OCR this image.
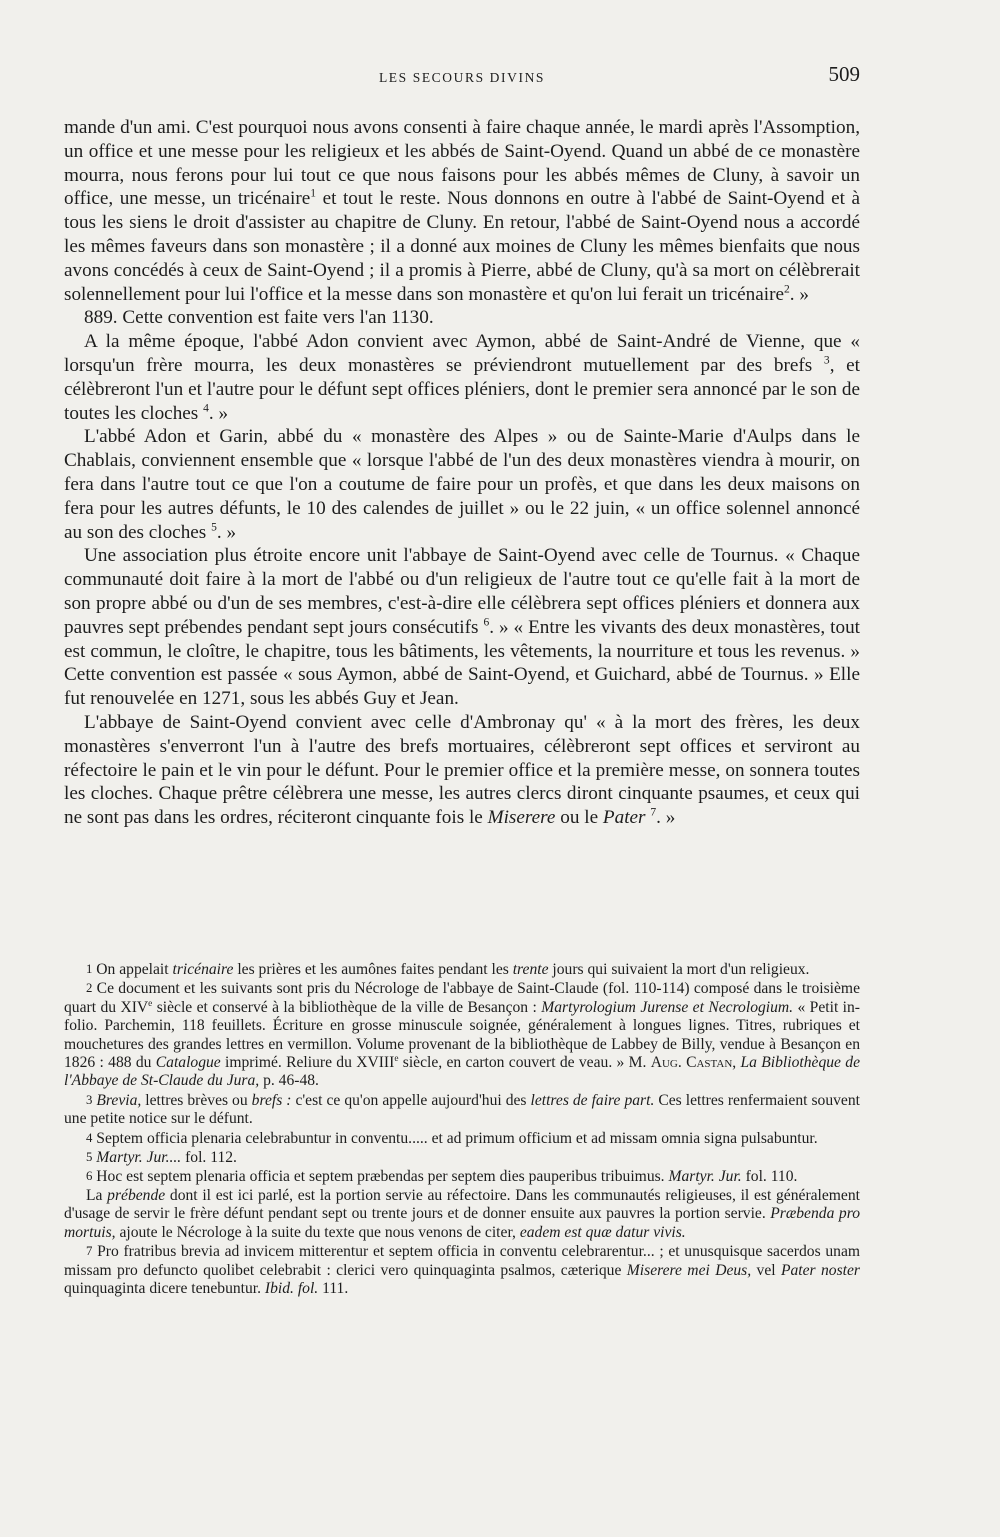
LES SECOURS DIVINS	509

mande d'un ami. C'est pourquoi nous avons consenti à faire chaque année, le mardi après l'Assomption, un office et une messe pour les religieux et les abbés de Saint-Oyend. Quand un abbé de ce monastère mourra, nous ferons pour lui tout ce que nous faisons pour les abbés mêmes de Cluny, à savoir un office, une messe, un tricénaire$^1$ et tout le reste. Nous donnons en outre à l'abbé de Saint-Oyend et à tous les siens le droit d'assister au chapitre de Cluny. En retour, l'abbé de Saint-Oyend nous a accordé les mêmes faveurs dans son monastère ; il a donné aux moines de Cluny les mêmes bienfaits que nous avons concédés à ceux de Saint-Oyend ; il a promis à Pierre, abbé de Cluny, qu'à sa mort on célèbrerait solennellement pour lui l'office et la messe dans son monastère et qu'on lui ferait un tricénaire$^2$. »

889. Cette convention est faite vers l'an 1130.

A la même époque, l'abbé Adon convient avec Aymon, abbé de Saint-André de Vienne, que « lorsqu'un frère mourra, les deux monastères se préviendront mutuellement par des brefs $^3$, et célèbreront l'un et l'autre pour le défunt sept offices pléniers, dont le premier sera annoncé par le son de toutes les cloches $^4$. »

L'abbé Adon et Garin, abbé du « monastère des Alpes » ou de Sainte-Marie d'Aulps dans le Chablais, conviennent ensemble que « lorsque l'abbé de l'un des deux monastères viendra à mourir, on fera dans l'autre tout ce que l'on a coutume de faire pour un profès, et que dans les deux maisons on fera pour les autres défunts, le 10 des calendes de juillet » ou le 22 juin, « un office solennel annoncé au son des cloches $^5$. »

Une association plus étroite encore unit l'abbaye de Saint-Oyend avec celle de Tournus. « Chaque communauté doit faire à la mort de l'abbé ou d'un religieux de l'autre tout ce qu'elle fait à la mort de son propre abbé ou d'un de ses membres, c'est-à-dire elle célèbrera sept offices pléniers et donnera aux pauvres sept prébendes pendant sept jours consécutifs $^6$. » « Entre les vivants des deux monastères, tout est commun, le cloître, le chapitre, tous les bâtiments, les vêtements, la nourriture et tous les revenus. » Cette convention est passée « sous Aymon, abbé de Saint-Oyend, et Guichard, abbé de Tournus. » Elle fut renouvelée en 1271, sous les abbés Guy et Jean.

L'abbaye de Saint-Oyend convient avec celle d'Ambronay qu' « à la mort des frères, les deux monastères s'enverront l'un à l'autre des brefs mortuaires, célèbreront sept offices et serviront au réfectoire le pain et le vin pour le défunt. Pour le premier office et la première messe, on sonnera toutes les cloches. Chaque prêtre célèbrera une messe, les autres clercs diront cinquante psaumes, et ceux qui ne sont pas dans les ordres, réciteront cinquante fois le Miserere ou le Pater $^7$. »

1 On appelait tricénaire les prières et les aumônes faites pendant les trente jours qui suivaient la mort d'un religieux.

2 Ce document et les suivants sont pris du Nécrologe de l'abbaye de Saint-Claude (fol. 110-114) composé dans le troisième quart du XIVe siècle et conservé à la bibliothèque de la ville de Besançon : Martyrologium Jurense et Necrologium. « Petit in-folio. Parchemin, 118 feuillets. Écriture en grosse minuscule soignée, généralement à longues lignes. Titres, rubriques et mouchetures des grandes lettres en vermillon. Volume provenant de la bibliothèque de Labbey de Billy, vendue à Besançon en 1826 : 488 du Catalogue imprimé. Reliure du XVIIIe siècle, en carton couvert de veau. » M. Aug. Castan, La Bibliothèque de l'Abbaye de St-Claude du Jura, p. 46-48.

3 Brevia, lettres brèves ou brefs : c'est ce qu'on appelle aujourd'hui des lettres de faire part. Ces lettres renfermaient souvent une petite notice sur le défunt.

4 Septem officia plenaria celebrabuntur in conventu..... et ad primum officium et ad missam omnia signa pulsabuntur.

5 Martyr. Jur.... fol. 112.

6 Hoc est septem plenaria officia et septem præbendas per septem dies pauperibus tribuimus. Martyr. Jur. fol. 110.

La prébende dont il est ici parlé, est la portion servie au réfectoire. Dans les communautés religieuses, il est généralement d'usage de servir le frère défunt pendant sept ou trente jours et de donner ensuite aux pauvres la portion servie. Præbenda pro mortuis, ajoute le Nécrologe à la suite du texte que nous venons de citer, eadem est quæ datur vivis.

7 Pro fratribus brevia ad invicem mitterentur et septem officia in conventu celebrarentur... ; et unusquisque sacerdos unam missam pro defuncto quolibet celebrabit : clerici vero quinquaginta psalmos, cæterique Miserere mei Deus, vel Pater noster quinquaginta dicere tenebuntur. Ibid. fol. 111.
